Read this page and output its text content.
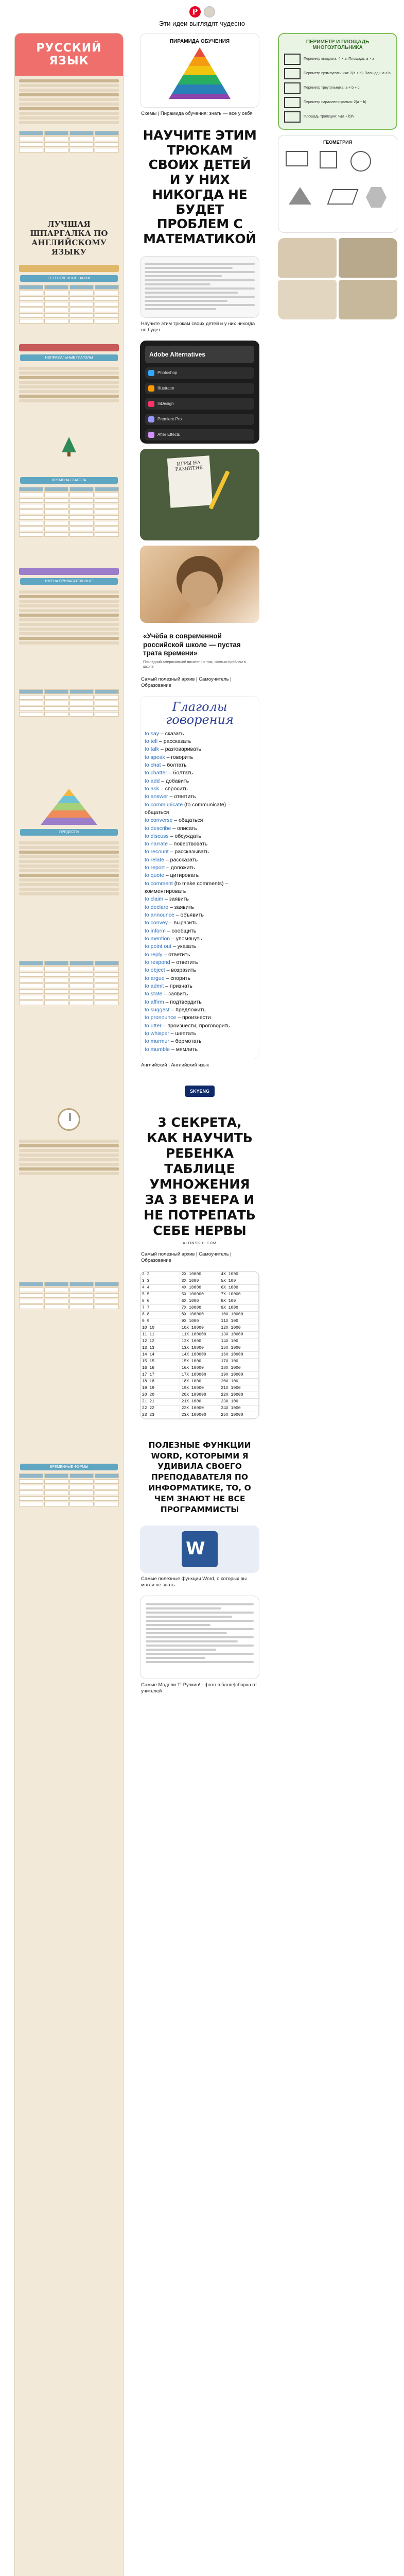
P
Эти идеи выглядят чудесно
РУССКИЙ ЯЗЫК
ЛУЧШАЯ ШПАРГАЛКА ПО АНГЛИЙСКОМУ ЯЗЫКУ
ЕСТЕСТВЕННЫЕ НАУКИ
НЕПРАВИЛЬНЫЕ ГЛАГОЛЫ
ВРЕМЕНА ГЛАГОЛА
ИМЕНА ПРИЛАГАТЕЛЬНЫЕ
ПРЕДЛОГИ
ВРЕМЕННЫЕ ФОРМЫ
ПИРАМИДА ОБУЧЕНИЯ
Схемы | Пирамида обучения: знать — все у себя
НАУЧИТЕ ЭТИМ ТРЮКАМ СВОИХ ДЕТЕЙ И У НИХ НИКОГДА НЕ БУДЕТ ПРОБЛЕМ С МАТЕМАТИКОЙ
Научите этим трюкам своих детей и у них никогда не будет ...
Adobe Alternatives
Photoshop
Illustrator
InDesign
Premiere Pro
After Effects
ИГРЫ НА РАЗВИТИЕ
«Учёба в современной российской школе — пустая трата времени»
Последний американский писатель о том, сколько проблем в школе
Самый полезный архив | Самоучитель | Образование
Глаголы говорения
to say – сказать
to tell – рассказать
to talk – разговаривать
to speak – говорить
to chat – болтать
to chatter – болтать
to add – добавить
to ask – спросить
to answer – ответить
to communicate (to communicate) – общаться
to converse – общаться
to describe – описать
to discuss – обсуждать
to narrate – повествовать
to recount – рассказывать
to relate – рассказать
to report – доложить
to quote – цитировать
to comment (to make comments) – комментировать
to claim – заявить
to declare – заявить
to announce – объявить
to convey – выразить
to inform – сообщить
to mention – упомянуть
to point out – указать
to reply – ответить
to respond – ответить
to object – возразить
to argue – спорить
to admit – признать
to state – заявить
to affirm – подтвердить
to suggest – предложить
to pronounce – произнести
to utter – произнести, проговорить
to whisper – шептать
to murmur – бормотать
to mumble – мямлить
Английский | Английский язык
SKYENG
3 СЕКРЕТА, КАК НАУЧИТЬ РЕБЕНКА ТАБЛИЦЕ УМНОЖЕНИЯ ЗА 3 ВЕЧЕРА И НЕ ПОТРЕПАТЬ СЕБЕ НЕРВЫ
ALONSKIH.COM
Самый полезный архив | Самоучитель | Образование
2 2	2X 10000	4X 1000
3 3	3X 1000	5X 100
4 4	4X 10000	6X 1000
5 5	5X 100000	7X 10000
6 6	6X 1000	8X 100
7 7	7X 10000	9X 1000
8 8	8X 100000	10X 10000
9 9	9X 1000	11X 100
10 10	10X 10000	12X 1000
11 11	11X 100000	13X 10000
12 12	12X 1000	14X 100
13 13	13X 10000	15X 1000
14 14	14X 100000	16X 10000
15 15	15X 1000	17X 100
16 16	16X 10000	18X 1000
17 17	17X 100000	19X 10000
18 18	18X 1000	20X 100
19 19	19X 10000	21X 1000
20 20	20X 100000	22X 10000
21 21	21X 1000	23X 100
22 22	22X 10000	24X 1000
23 23	23X 100000	25X 10000
ПОЛЕЗНЫЕ ФУНКЦИИ WORD, КОТОРЫМИ Я УДИВИЛА СВОЕГО ПРЕПОДАВАТЕЛЯ ПО ИНФОРМАТИКЕ, ТО, О ЧЕМ ЗНАЮТ НЕ ВСЕ ПРОГРАММИСТЫ
W
Самые полезные функции Word, о которых вы могли не знать
Самые Модели Т! Ручкин! - фото в блоге|сборка от учителей
ПЕРИМЕТР И ПЛОЩАДЬ МНОГОУГОЛЬНИКА
Периметр квадрата: 4 × a; Площадь: a × a
Периметр прямоугольника: 2(a + b); Площадь: a × b
Периметр треугольника: a + b + c
Периметр параллелограмма: 2(a + b)
Площадь трапеции: ½(a + b)h
ГЕОМЕТРИЯ
